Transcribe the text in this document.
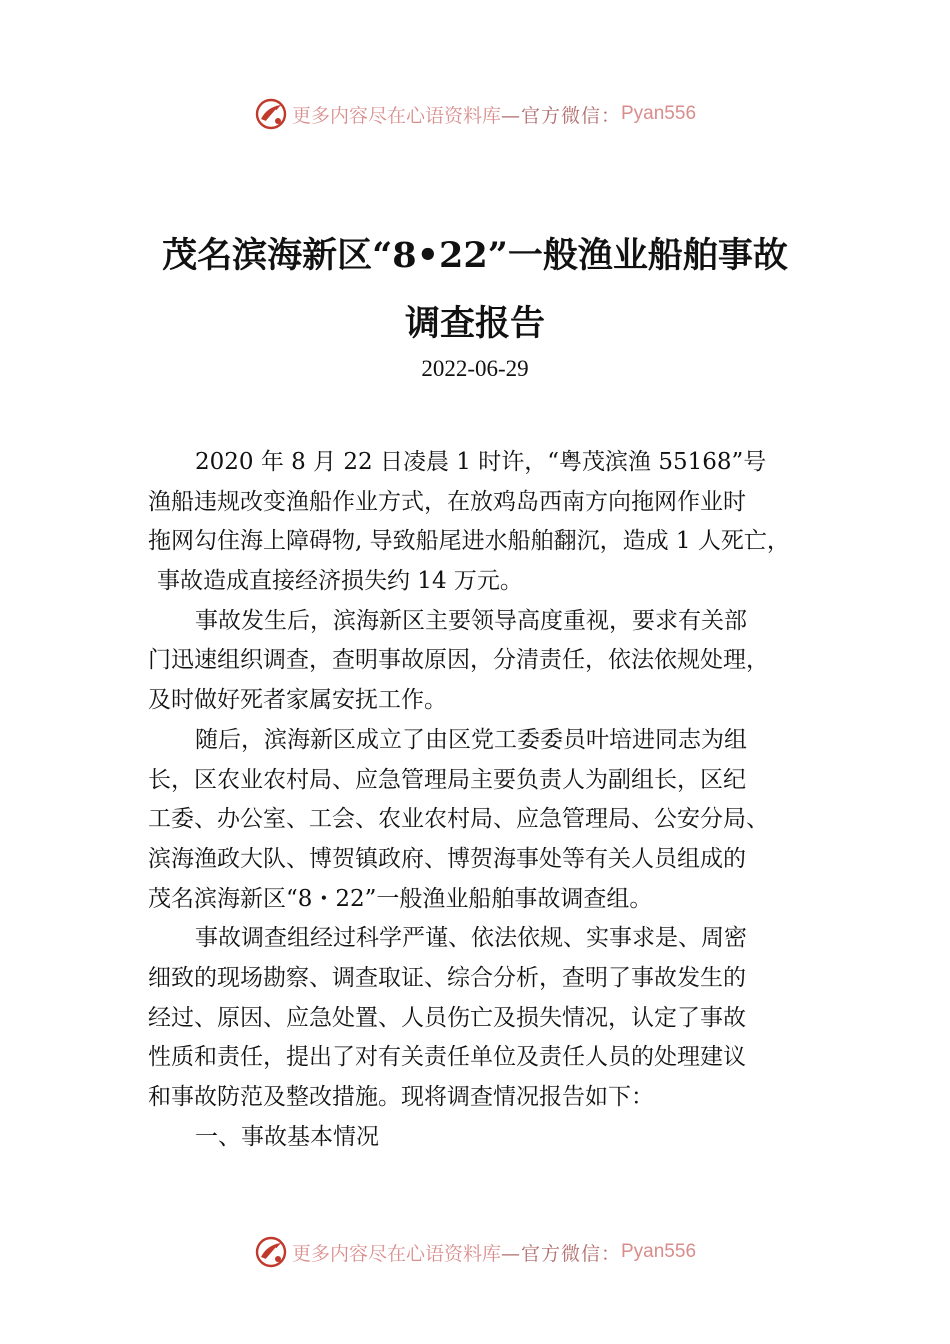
更多内容尽在心语资料库 —官方微信： Pyan556
茂名滨海新区“8•22”一般渔业船舶事故
调查报告
2022-06-29
2020 年 8 月 22 日凌晨 1 时许，“粤茂滨渔 55168”号
渔船违规改变渔船作业方式，在放鸡岛西南方向拖网作业时
拖网勾住海上障碍物, 导致船尾进水船舶翻沉，造成 1 人死亡，
事故造成直接经济损失约 14 万元。
事故发生后，滨海新区主要领导高度重视，要求有关部
门迅速组织调查，查明事故原因，分清责任，依法依规处理，
及时做好死者家属安抚工作。
随后，滨海新区成立了由区党工委委员叶培进同志为组
长，区农业农村局、应急管理局主要负责人为副组长，区纪
工委、办公室、工会、农业农村局、应急管理局、公安分局、
滨海渔政大队、博贺镇政府、博贺海事处等有关人员组成的
茂名滨海新区“8・22”一般渔业船舶事故调查组。
事故调查组经过科学严谨、依法依规、实事求是、周密
细致的现场勘察、调查取证、综合分析，查明了事故发生的
经过、原因、应急处置、人员伤亡及损失情况，认定了事故
性质和责任，提出了对有关责任单位及责任人员的处理建议
和事故防范及整改措施。现将调查情况报告如下：
一、事故基本情况
更多内容尽在心语资料库 —官方微信： Pyan556
